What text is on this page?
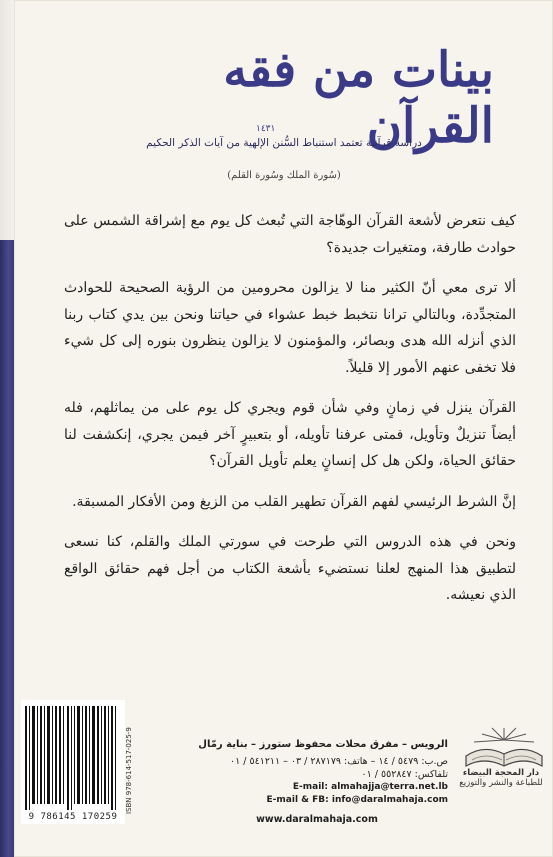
بينات من فقه القرآن
١٤٣١
دراسة قرآنية تعتمد استنباط السُّنن الإلهية من آيات الذكر الحكيم
(سُورة الملك وسُورة القلم)

كيف نتعرض لأشعة القرآن الوهّاجة التي تُبعث كل يوم مع إشراقة الشمس على حوادث طارفة، ومتغيرات جديدة؟

ألا ترى معي أنّ الكثير منا لا يزالون محرومين من الرؤية الصحيحة للحوادث المتجدِّدة، وبالتالي ترانا نتخبط خبط عشواء في حياتنا ونحن بين يدي كتاب ربنا الذي أنزله الله هدى وبصائر، والمؤمنون لا يزالون ينظرون بنوره إلى كل شيء فلا تخفى عنهم الأمور إلا قليلاً.

القرآن ينزل في زمانٍ وفي شأن قوم ويجري كل يوم على من يماثلهم، فله أيضاً تنزيلٌ وتأويل، فمتى عرفنا تأويله، أو بتعبيرٍ آخر فيمن يجري، إنكشفت لنا حقائق الحياة، ولكن هل كل إنسانٍ يعلم تأويل القرآن؟

إنَّ الشرط الرئيسي لفهم القرآن تطهير القلب من الزيغ ومن الأفكار المسبقة.

ونحن في هذه الدروس التي طرحت في سورتي الملك والقلم، كنا نسعى لتطبيق هذا المنهج لعلنا نستضيء بأشعة الكتاب من أجل فهم حقائق الواقع الذي نعيشه.

ISBN 978-614-517-025-9
9 786145 170259
الرويس – مفرق محلات محفوظ ستورز – بناية رمّال
ص.ب: ٥٤٧٩ / ١٤ – هاتف: ٢٨٧١٧٩ / ٠٣ – ٥٤١٢١١ / ٠١
تلفاكس: ٥٥٢٨٤٧ / ٠١
E-mail: almahajja@terra.net.lb
E-mail & FB: info@daralmahaja.com
www.daralmahaja.com
دار المحجة البيضاء
للطباعة والنشر والتوزيع
